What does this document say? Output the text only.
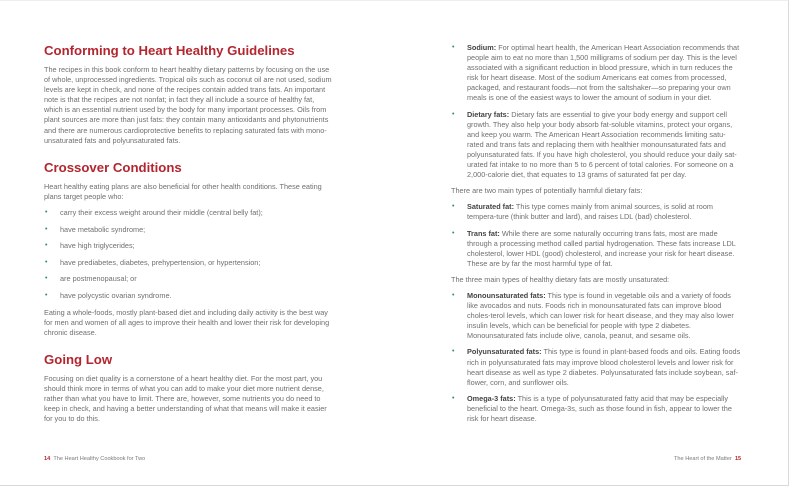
Conforming to Heart Healthy Guidelines

The recipes in this book conform to heart healthy dietary patterns by focusing on the use of whole, unprocessed ingredients. Tropical oils such as coconut oil are not used, sodium levels are kept in check, and none of the recipes contain added trans fats. An important note is that the recipes are not nonfat; in fact they all include a source of healthy fat, which is an essential nutrient used by the body for many important processes. Oils from plant sources are more than just fats: they contain many antioxidants and phytonutrients and there are numerous cardioprotective benefits to replacing saturated fats with mono-unsaturated fats and polyunsaturated fats.

Crossover Conditions

Heart healthy eating plans are also beneficial for other health conditions. These eating plans target people who:

• carry their excess weight around their middle (central belly fat);
• have metabolic syndrome;
• have high triglycerides;
• have prediabetes, diabetes, prehypertension, or hypertension;
• are postmenopausal; or
• have polycystic ovarian syndrome.

Eating a whole-foods, mostly plant-based diet and including daily activity is the best way for men and women of all ages to improve their health and lower their risk for developing chronic disease.

Going Low

Focusing on diet quality is a cornerstone of a heart healthy diet. For the most part, you should think more in terms of what you can add to make your diet more nutrient dense, rather than what you have to limit. There are, however, some nutrients you do need to keep in check, and having a better understanding of what that means will make it easier for you to do this.

14 The Heart Healthy Cookbook for Two
• Sodium: For optimal heart health, the American Heart Association recommends that people aim to eat no more than 1,500 milligrams of sodium per day. This is the level associated with a significant reduction in blood pressure, which in turn reduces the risk for heart disease. Most of the sodium Americans eat comes from processed, packaged, and restaurant foods—not from the saltshaker—so preparing your own meals is one of the easiest ways to lower the amount of sodium in your diet.
• Dietary fats: Dietary fats are essential to give your body energy and support cell growth. They also help your body absorb fat-soluble vitamins, protect your organs, and keep you warm. The American Heart Association recommends limiting satu-rated and trans fats and replacing them with healthier monounsaturated fats and polyunsaturated fats. If you have high cholesterol, you should reduce your daily sat-urated fat intake to no more than 5 to 6 percent of total calories. For someone on a 2,000-calorie diet, that equates to 13 grams of saturated fat per day.

There are two main types of potentially harmful dietary fats:

• Saturated fat: This type comes mainly from animal sources, is solid at room tempera-ture (think butter and lard), and raises LDL (bad) cholesterol.
• Trans fat: While there are some naturally occurring trans fats, most are made through a processing method called partial hydrogenation. These fats increase LDL cholesterol, lower HDL (good) cholesterol, and increase your risk for heart disease. These are by far the most harmful type of fat.

The three main types of healthy dietary fats are mostly unsaturated:

• Monounsaturated fats: This type is found in vegetable oils and a variety of foods like avocados and nuts. Foods rich in monounsaturated fats can improve blood choles-terol levels, which can lower risk for heart disease, and they may also lower insulin levels, which can be beneficial for people with type 2 diabetes. Monounsaturated fats include olive, canola, peanut, and sesame oils.
• Polyunsaturated fats: This type is found in plant-based foods and oils. Eating foods rich in polyunsaturated fats may improve blood cholesterol levels and lower risk for heart disease as well as type 2 diabetes. Polyunsaturated fats include soybean, saf-flower, corn, and sunflower oils.
• Omega-3 fats: This is a type of polyunsaturated fatty acid that may be especially beneficial to the heart. Omega-3s, such as those found in fish, appear to lower the risk for heart disease.
The Heart of the Matter 15
